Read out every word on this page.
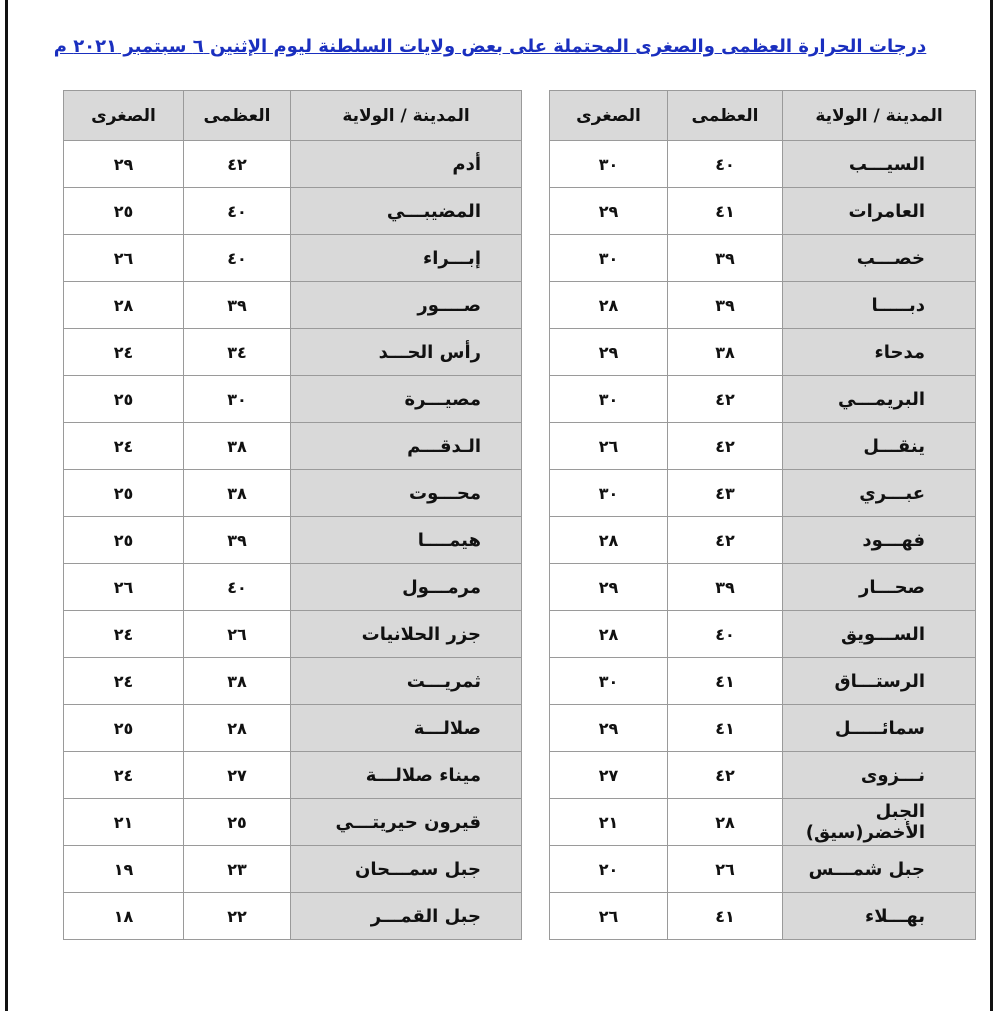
درجات الحرارة العظمى والصغرى المحتملة على بعض ولايات السلطنة ليوم الإثنين ٦ سبتمبر ٢٠٢١ م
المدينة / الولاية	العظمى	الصغرى
السيـــب	٤٠	٣٠
العامرات	٤١	٢٩
خصـــب	٣٩	٣٠
دبـــــا	٣٩	٢٨
مدحاء	٣٨	٢٩
البريمـــي	٤٢	٣٠
ينقـــل	٤٢	٢٦
عبـــري	٤٣	٣٠
فهـــود	٤٢	٢٨
صحـــار	٣٩	٢٩
الســـويق	٤٠	٢٨
الرستـــاق	٤١	٣٠
سمائـــــل	٤١	٢٩
نـــزوى	٤٢	٢٧
الجبل الأخضر(سيق)	٢٨	٢١
جبل شمـــس	٢٦	٢٠
بهـــلاء	٤١	٢٦
المدينة / الولاية	العظمى	الصغرى
أدم	٤٢	٢٩
المضيبـــي	٤٠	٢٥
إبـــراء	٤٠	٢٦
صــــور	٣٩	٢٨
رأس الحـــد	٣٤	٢٤
مصيـــرة	٣٠	٢٥
الـدقـــم	٣٨	٢٤
محـــوت	٣٨	٢٥
هيمــــا	٣٩	٢٥
مرمـــول	٤٠	٢٦
جزر الحلانيات	٢٦	٢٤
ثمريـــت	٣٨	٢٤
صلالـــة	٢٨	٢٥
ميناء صلالـــة	٢٧	٢٤
قيرون حيريتـــي	٢٥	٢١
جبل سمـــحان	٢٣	١٩
جبل القمـــر	٢٢	١٨
